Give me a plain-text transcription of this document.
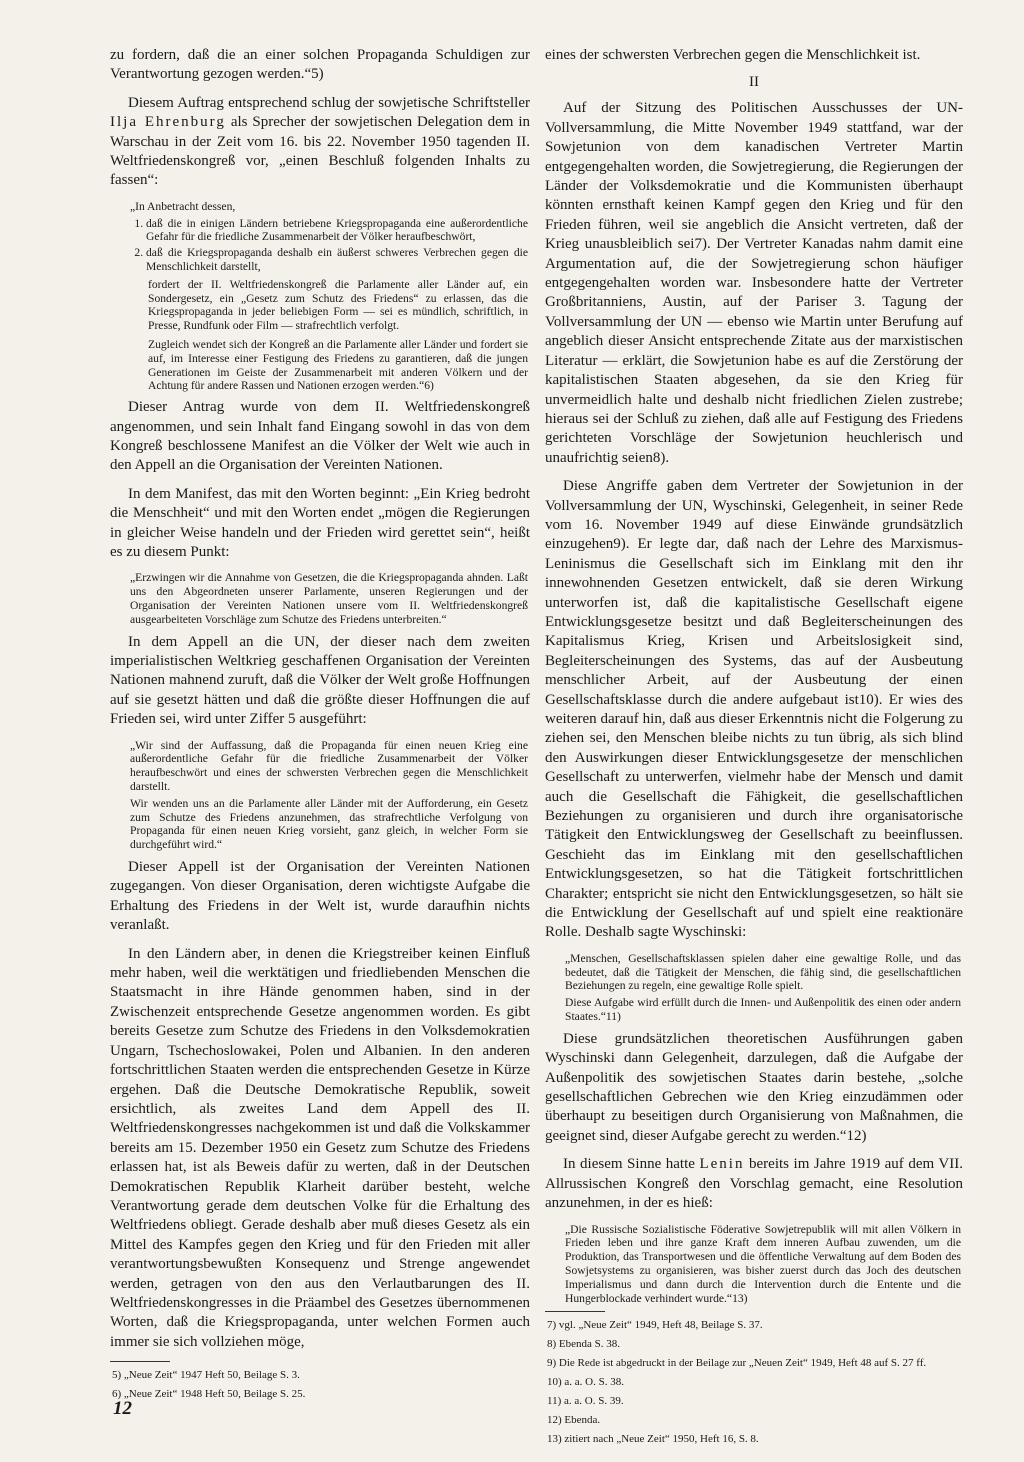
zu fordern, daß die an einer solchen Propaganda Schuldigen zur Verantwortung gezogen werden.“5)

Diesem Auftrag entsprechend schlug der sowjetische Schriftsteller Ilja Ehrenburg als Sprecher der sowjetischen Delegation dem in Warschau in der Zeit vom 16. bis 22. November 1950 tagenden II. Weltfriedenskongreß vor, „einen Beschluß folgenden Inhalts zu fassen“:

„In Anbetracht dessen,
1. daß die in einigen Ländern betriebene Kriegspropaganda eine außerordentliche Gefahr für die friedliche Zusammenarbeit der Völker heraufbeschwört,
2. daß die Kriegspropaganda deshalb ein äußerst schweres Verbrechen gegen die Menschlichkeit darstellt,
fordert der II. Weltfriedenskongreß die Parlamente aller Länder auf, ein Sondergesetz, ein „Gesetz zum Schutz des Friedens“ zu erlassen, das die Kriegspropaganda in jeder beliebigen Form — sei es mündlich, schriftlich, in Presse, Rundfunk oder Film — strafrechtlich verfolgt.
Zugleich wendet sich der Kongreß an die Parlamente aller Länder und fordert sie auf, im Interesse einer Festigung des Friedens zu garantieren, daß die jungen Generationen im Geiste der Zusammenarbeit mit anderen Völkern und der Achtung für andere Rassen und Nationen erzogen werden.“6)

Dieser Antrag wurde von dem II. Weltfriedenskongreß angenommen, und sein Inhalt fand Eingang sowohl in das von dem Kongreß beschlossene Manifest an die Völker der Welt wie auch in den Appell an die Organisation der Vereinten Nationen.

In dem Manifest, das mit den Worten beginnt: „Ein Krieg bedroht die Menschheit“ und mit den Worten endet „mögen die Regierungen in gleicher Weise handeln und der Frieden wird gerettet sein“, heißt es zu diesem Punkt:

„Erzwingen wir die Annahme von Gesetzen, die die Kriegspropaganda ahnden. Laßt uns den Abgeordneten unserer Parlamente, unseren Regierungen und der Organisation der Vereinten Nationen unsere vom II. Weltfriedenskongreß ausgearbeiteten Vorschläge zum Schutze des Friedens unterbreiten.“

In dem Appell an die UN, der dieser nach dem zweiten imperialistischen Weltkrieg geschaffenen Organisation der Vereinten Nationen mahnend zuruft, daß die Völker der Welt große Hoffnungen auf sie gesetzt hätten und daß die größte dieser Hoffnungen die auf Frieden sei, wird unter Ziffer 5 ausgeführt:

„Wir sind der Auffassung, daß die Propaganda für einen neuen Krieg eine außerordentliche Gefahr für die friedliche Zusammenarbeit der Völker heraufbeschwört und eines der schwersten Verbrechen gegen die Menschlichkeit darstellt.
Wir wenden uns an die Parlamente aller Länder mit der Aufforderung, ein Gesetz zum Schutze des Friedens anzunehmen, das strafrechtliche Verfolgung von Propaganda für einen neuen Krieg vorsieht, ganz gleich, in welcher Form sie durchgeführt wird.“

Dieser Appell ist der Organisation der Vereinten Nationen zugegangen. Von dieser Organisation, deren wichtigste Aufgabe die Erhaltung des Friedens in der Welt ist, wurde daraufhin nichts veranlaßt.

In den Ländern aber, in denen die Kriegstreiber keinen Einfluß mehr haben, weil die werktätigen und friedliebenden Menschen die Staatsmacht in ihre Hände genommen haben, sind in der Zwischenzeit entsprechende Gesetze angenommen worden. Es gibt bereits Gesetze zum Schutze des Friedens in den Volksdemokratien Ungarn, Tschechoslowakei, Polen und Albanien. In den anderen fortschrittlichen Staaten werden die entsprechenden Gesetze in Kürze ergehen. Daß die Deutsche Demokratische Republik, soweit ersichtlich, als zweites Land dem Appell des II. Weltfriedenskongresses nachgekommen ist und daß die Volkskammer bereits am 15. Dezember 1950 ein Gesetz zum Schutze des Friedens erlassen hat, ist als Beweis dafür zu werten, daß in der Deutschen Demokratischen Republik Klarheit darüber besteht, welche Verantwortung gerade dem deutschen Volke für die Erhaltung des Weltfriedens obliegt. Gerade deshalb aber muß dieses Gesetz als ein Mittel des Kampfes gegen den Krieg und für den Frieden mit aller verantwortungsbewußten Konsequenz und Strenge angewendet werden, getragen von den aus den Verlautbarungen des II. Weltfriedenskongresses in die Präambel des Gesetzes übernommenen Worten, daß die Kriegspropaganda, unter welchen Formen auch immer sie sich vollziehen möge,

5) „Neue Zeit“ 1947 Heft 50, Beilage S. 3.
6) „Neue Zeit“ 1948 Heft 50, Beilage S. 25.

eines der schwersten Verbrechen gegen die Menschlichkeit ist.

II

Auf der Sitzung des Politischen Ausschusses der UN-Vollversammlung, die Mitte November 1949 stattfand, war der Sowjetunion von dem kanadischen Vertreter Martin entgegengehalten worden, die Sowjetregierung, die Regierungen der Länder der Volksdemokratie und die Kommunisten überhaupt könnten ernsthaft keinen Kampf gegen den Krieg und für den Frieden führen, weil sie angeblich die Ansicht vertreten, daß der Krieg unausbleiblich sei7). Der Vertreter Kanadas nahm damit eine Argumentation auf, die der Sowjetregierung schon häufiger entgegengehalten worden war. Insbesondere hatte der Vertreter Großbritanniens, Austin, auf der Pariser 3. Tagung der Vollversammlung der UN — ebenso wie Martin unter Berufung auf angeblich dieser Ansicht entsprechende Zitate aus der marxistischen Literatur — erklärt, die Sowjetunion habe es auf die Zerstörung der kapitalistischen Staaten abgesehen, da sie den Krieg für unvermeidlich halte und deshalb nicht friedlichen Zielen zustrebe; hieraus sei der Schluß zu ziehen, daß alle auf Festigung des Friedens gerichteten Vorschläge der Sowjetunion heuchlerisch und unaufrichtig seien8).

Diese Angriffe gaben dem Vertreter der Sowjetunion in der Vollversammlung der UN, Wyschinski, Gelegenheit, in seiner Rede vom 16. November 1949 auf diese Einwände grundsätzlich einzugehen9). Er legte dar, daß nach der Lehre des Marxismus-Leninismus die Gesellschaft sich im Einklang mit den ihr innewohnenden Gesetzen entwickelt, daß sie deren Wirkung unterworfen ist, daß die kapitalistische Gesellschaft eigene Entwicklungsgesetze besitzt und daß Begleiterscheinungen des Kapitalismus Krieg, Krisen und Arbeitslosigkeit sind, Begleiterscheinungen des Systems, das auf der Ausbeutung menschlicher Arbeit, auf der Ausbeutung der einen Gesellschaftsklasse durch die andere aufgebaut ist10). Er wies des weiteren darauf hin, daß aus dieser Erkenntnis nicht die Folgerung zu ziehen sei, den Menschen bleibe nichts zu tun übrig, als sich blind den Auswirkungen dieser Entwicklungsgesetze der menschlichen Gesellschaft zu unterwerfen, vielmehr habe der Mensch und damit auch die Gesellschaft die Fähigkeit, die gesellschaftlichen Beziehungen zu organisieren und durch ihre organisatorische Tätigkeit den Entwicklungsweg der Gesellschaft zu beeinflussen. Geschieht das im Einklang mit den gesellschaftlichen Entwicklungsgesetzen, so hat die Tätigkeit fortschrittlichen Charakter; entspricht sie nicht den Entwicklungsgesetzen, so hält sie die Entwicklung der Gesellschaft auf und spielt eine reaktionäre Rolle. Deshalb sagte Wyschinski:

„Menschen, Gesellschaftsklassen spielen daher eine gewaltige Rolle, und das bedeutet, daß die Tätigkeit der Menschen, die fähig sind, die gesellschaftlichen Beziehungen zu regeln, eine gewaltige Rolle spielt.
Diese Aufgabe wird erfüllt durch die Innen- und Außenpolitik des einen oder andern Staates.“11)

Diese grundsätzlichen theoretischen Ausführungen gaben Wyschinski dann Gelegenheit, darzulegen, daß die Aufgabe der Außenpolitik des sowjetischen Staates darin bestehe, „solche gesellschaftlichen Gebrechen wie den Krieg einzudämmen oder überhaupt zu beseitigen durch Organisierung von Maßnahmen, die geeignet sind, dieser Aufgabe gerecht zu werden.“12)

In diesem Sinne hatte Lenin bereits im Jahre 1919 auf dem VII. Allrussischen Kongreß den Vorschlag gemacht, eine Resolution anzunehmen, in der es hieß:

„Die Russische Sozialistische Föderative Sowjetrepublik will mit allen Völkern in Frieden leben und ihre ganze Kraft dem inneren Aufbau zuwenden, um die Produktion, das Transportwesen und die öffentliche Verwaltung auf dem Boden des Sowjetsystems zu organisieren, was bisher zuerst durch das Joch des deutschen Imperialismus und dann durch die Intervention durch die Entente und die Hungerblockade verhindert wurde.“13)
7) vgl. „Neue Zeit“ 1949, Heft 48, Beilage S. 37.
8) Ebenda S. 38.
9) Die Rede ist abgedruckt in der Beilage zur „Neuen Zeit“ 1949, Heft 48 auf S. 27 ff.
10) a. a. O. S. 38.
11) a. a. O. S. 39.
12) Ebenda.
13) zitiert nach „Neue Zeit“ 1950, Heft 16, S. 8.
12
